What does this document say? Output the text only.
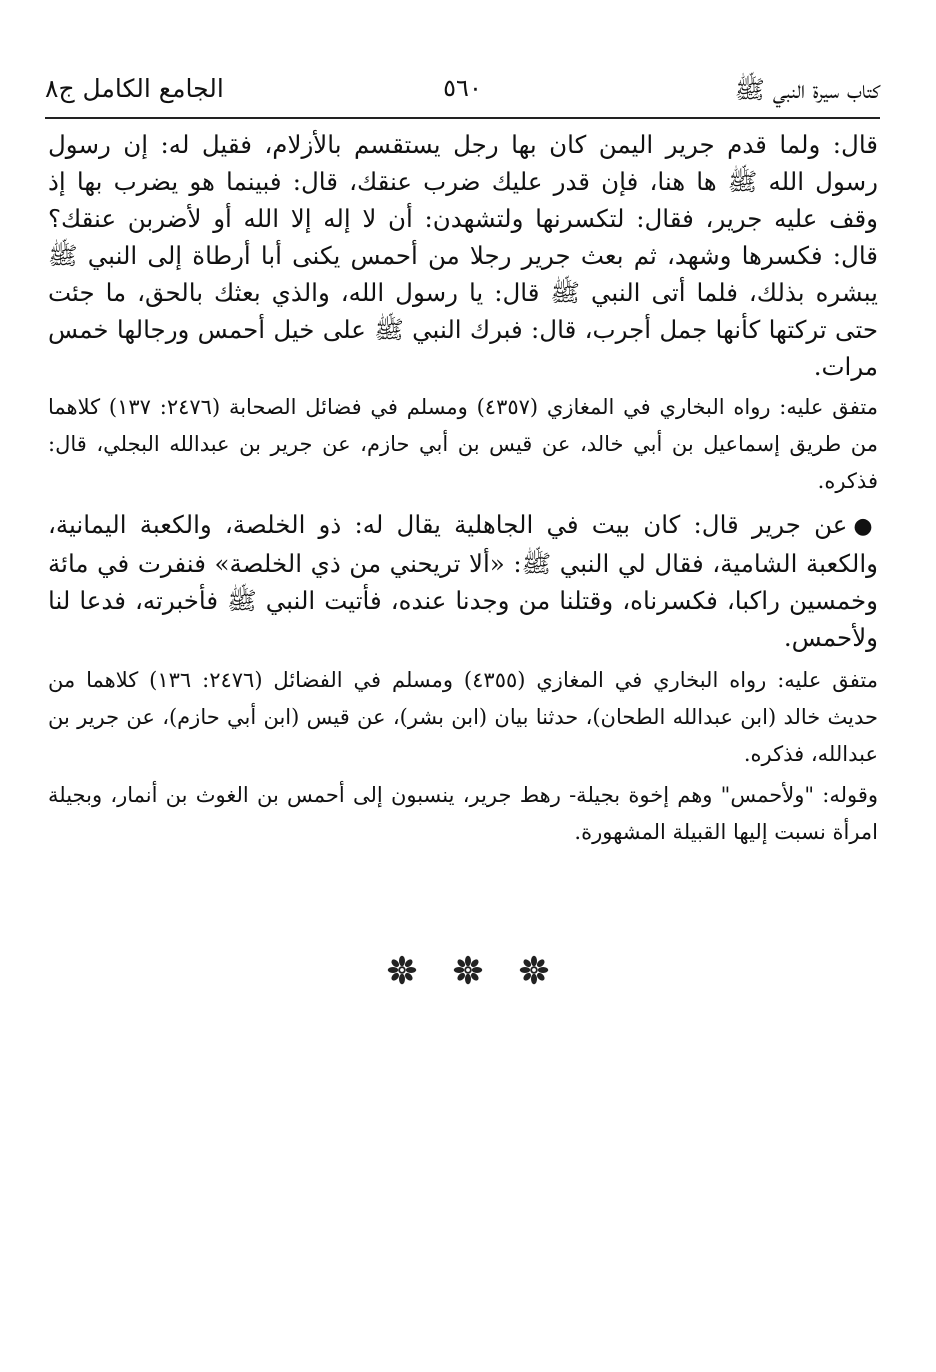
كتاب سيرة النبي ﷺ
٥٦٠
الجامع الكامل ج٨

قال: ولما قدم جرير اليمن كان بها رجل يستقسم بالأزلام، فقيل له: إن رسول رسول الله ﷺ ها هنا، فإن قدر عليك ضرب عنقك، قال: فبينما هو يضرب بها إذ وقف عليه جرير، فقال: لتكسرنها ولتشهدن: أن لا إله إلا الله أو لأضربن عنقك؟ قال: فكسرها وشهد، ثم بعث جرير رجلا من أحمس يكنى أبا أرطاة إلى النبي ﷺ يبشره بذلك، فلما أتى النبي ﷺ قال: يا رسول الله، والذي بعثك بالحق، ما جئت حتى تركتها كأنها جمل أجرب، قال: فبرك النبي ﷺ على خيل أحمس ورجالها خمس مرات.

متفق عليه: رواه البخاري في المغازي (٤٣٥٧) ومسلم في فضائل الصحابة (٢٤٧٦: ١٣٧) كلاهما من طريق إسماعيل بن أبي خالد، عن قيس بن أبي حازم، عن جرير بن عبدالله البجلي، قال: فذكره.

●عن جرير قال: كان بيت في الجاهلية يقال له: ذو الخلصة، والكعبة اليمانية، والكعبة الشامية، فقال لي النبي ﷺ: «ألا تريحني من ذي الخلصة» فنفرت في مائة وخمسين راكبا، فكسرناه، وقتلنا من وجدنا عنده، فأتيت النبي ﷺ فأخبرته، فدعا لنا ولأحمس.

متفق عليه: رواه البخاري في المغازي (٤٣٥٥) ومسلم في الفضائل (٢٤٧٦: ١٣٦) كلاهما من حديث خالد (ابن عبدالله الطحان)، حدثنا بيان (ابن بشر)، عن قيس (ابن أبي حازم)، عن جرير بن عبدالله، فذكره.

وقوله: "ولأحمس" وهم إخوة بجيلة- رهط جرير، ينسبون إلى أحمس بن الغوث بن أنمار، وبجيلة امرأة نسبت إليها القبيلة المشهورة.
